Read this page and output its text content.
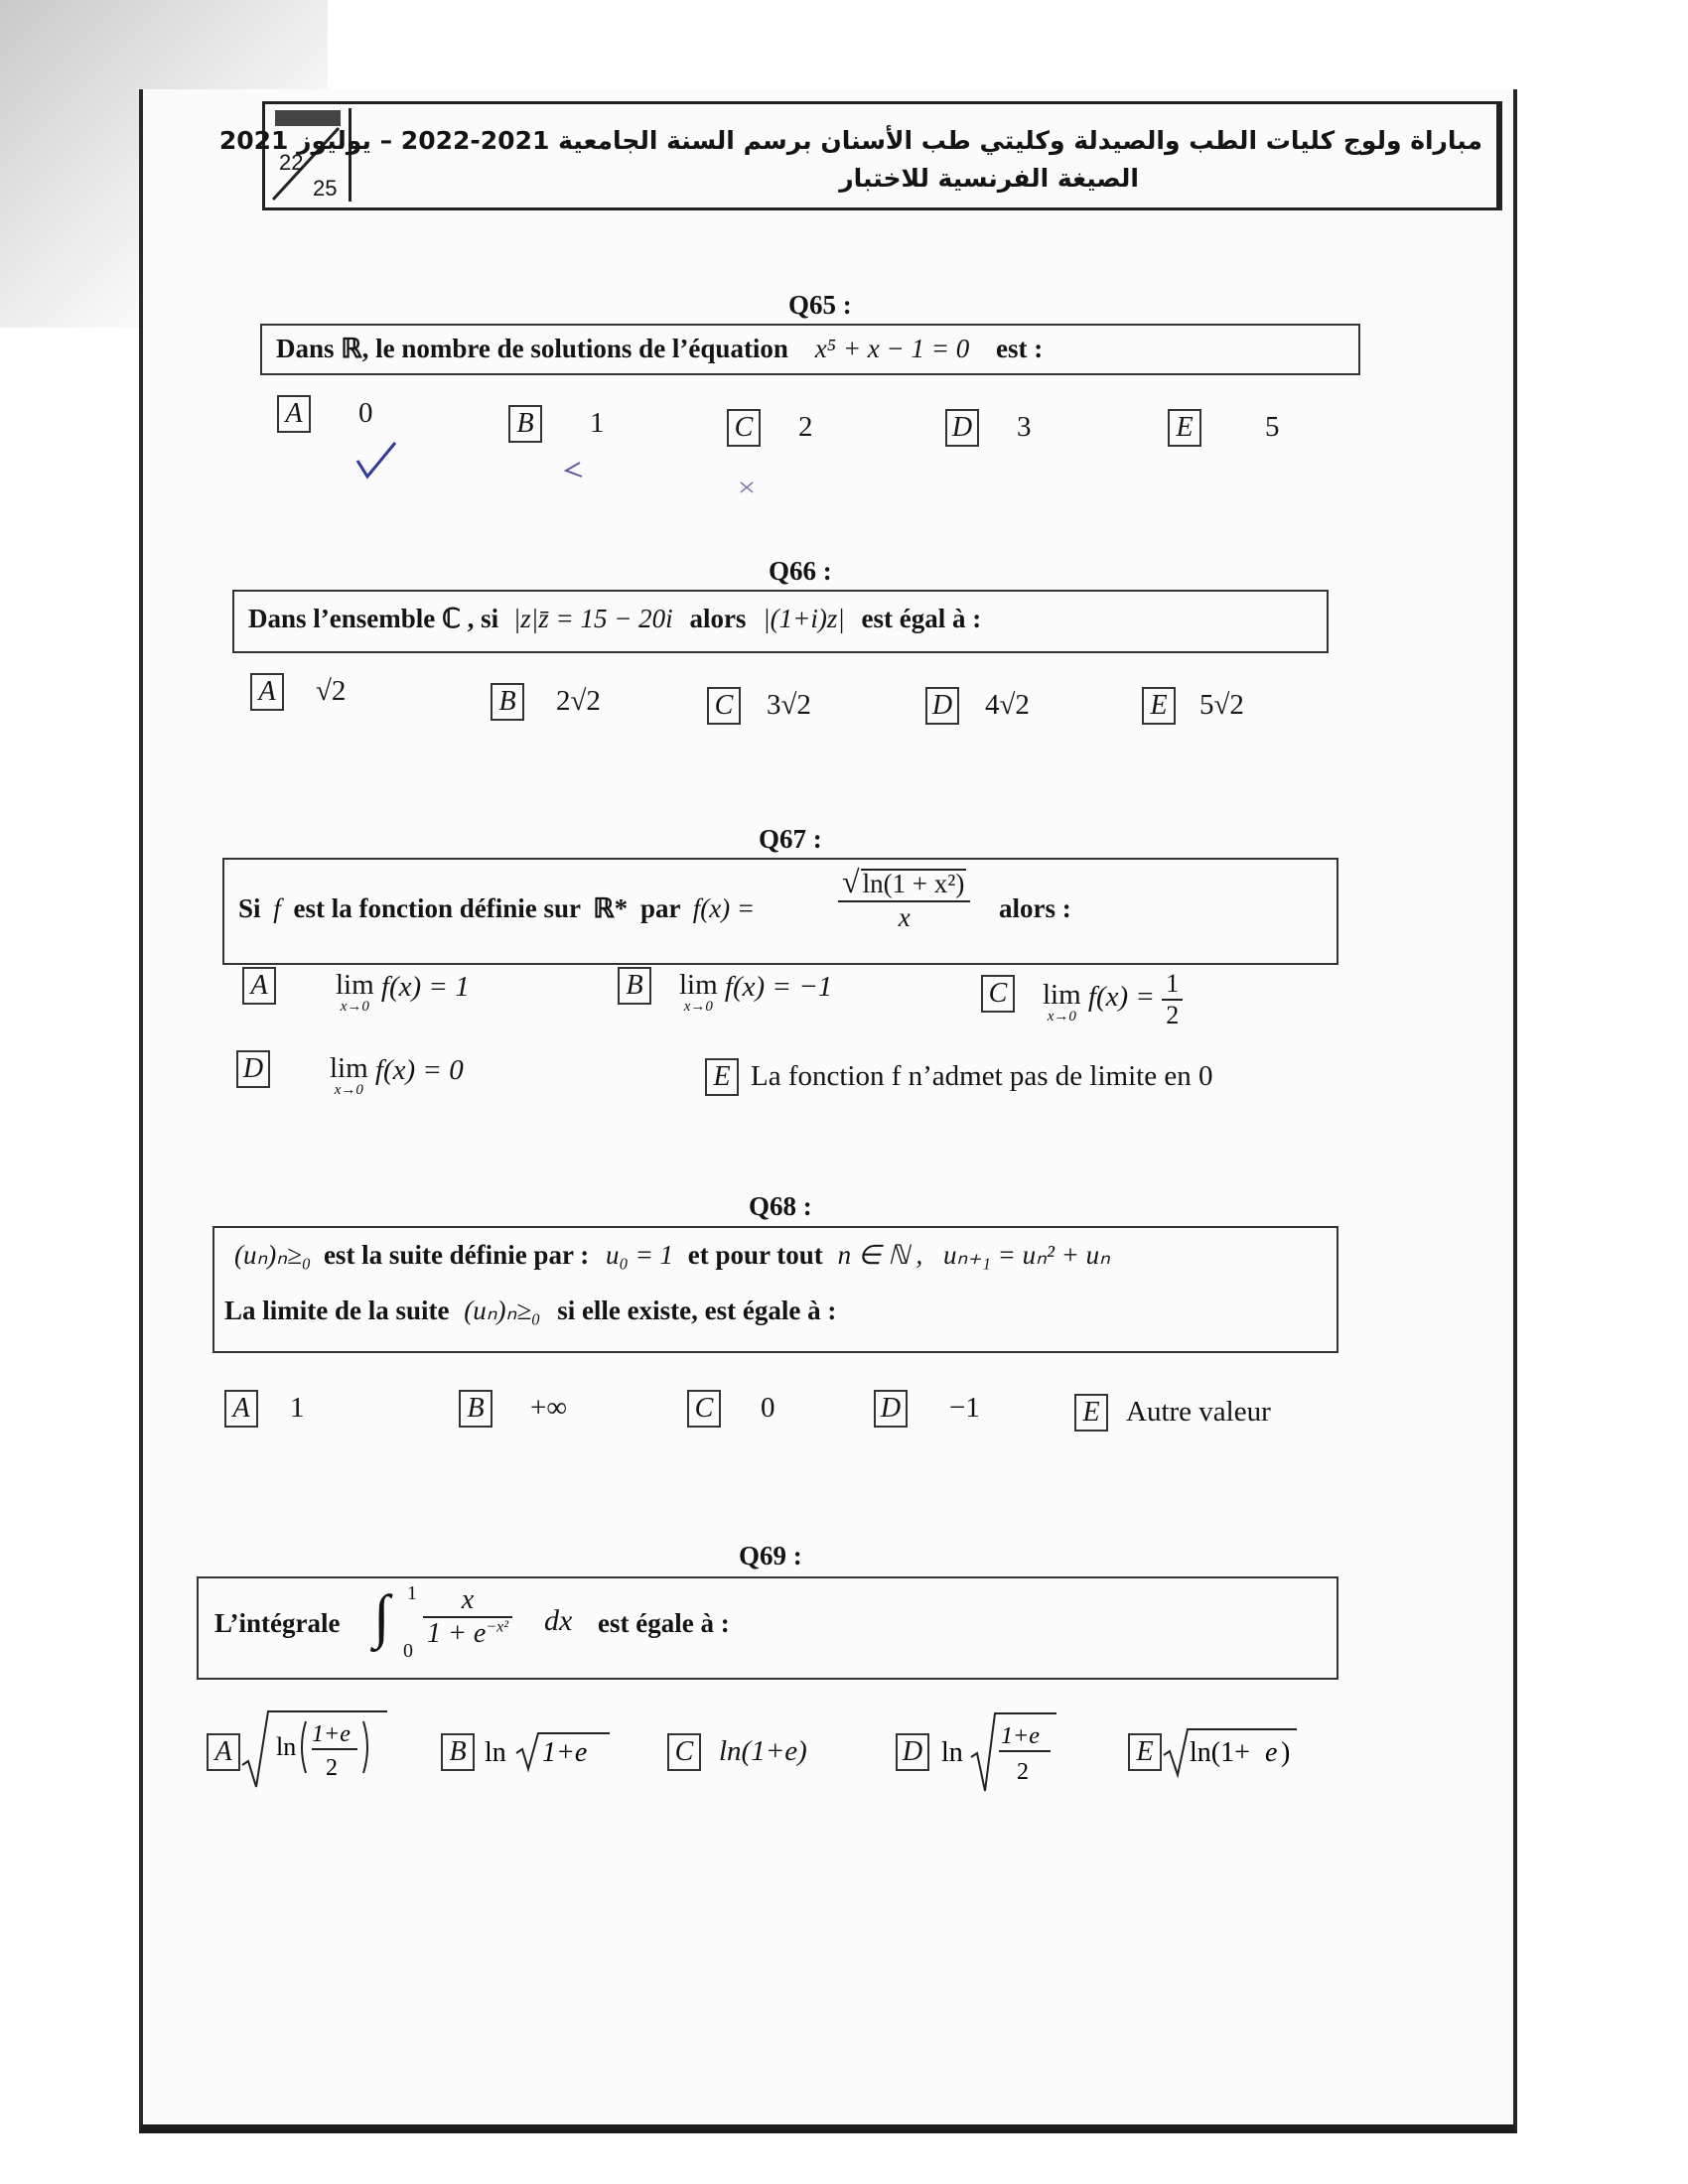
22
25
مباراة ولوج كليات الطب والصيدلة وكليتي طب الأسنان برسم السنة الجامعية 2021-2022 – يوليوز 2021
الصيغة الفرنسية للاختبار
Q65 :
Dans ℝ, le nombre de solutions de l’équation x⁵ + x − 1 = 0 est :
A 0	B 1	C 2	D 3	E 5
Q66 :
Dans l’ensemble ℂ , si |z|z̄ = 15 − 20i alors |(1+i)z| est égal à :
A √2	B 2√2	C 3√2	D 4√2	E 5√2
Q67 :
Si f est la fonction définie sur ℝ* par f(x) =	$\frac{\text{√ ln(1 + x²)}}{x}$ alors :
A lim
x→0
f(x) = 1	B lim
x→0
f(x) = −1	C lim
x→0
$f(x) = \frac{1}{2}$
D lim
x→0
f(x) = 0	E La fonction f n’admet pas de limite en 0
Q68 :
(uₙ)ₙ≥₀ est la suite définie par : u₀ = 1 et pour tout n ∈ ℕ , uₙ₊₁ = uₙ² + uₙ
La limite de la suite (uₙ)ₙ≥₀ si elle existe, est égale à :
A 1	B +∞	C 0	D −1	E Autre valeur
Q69 :
L’intégrale ∫ 1
0
$\frac{x}{1 + e^{-x^2}}$ dx est égale à :
A	ln 1+e
2
B ln 1+e	C ln(1+e)	D ln
1+e
2
E	ln(1+ e )
